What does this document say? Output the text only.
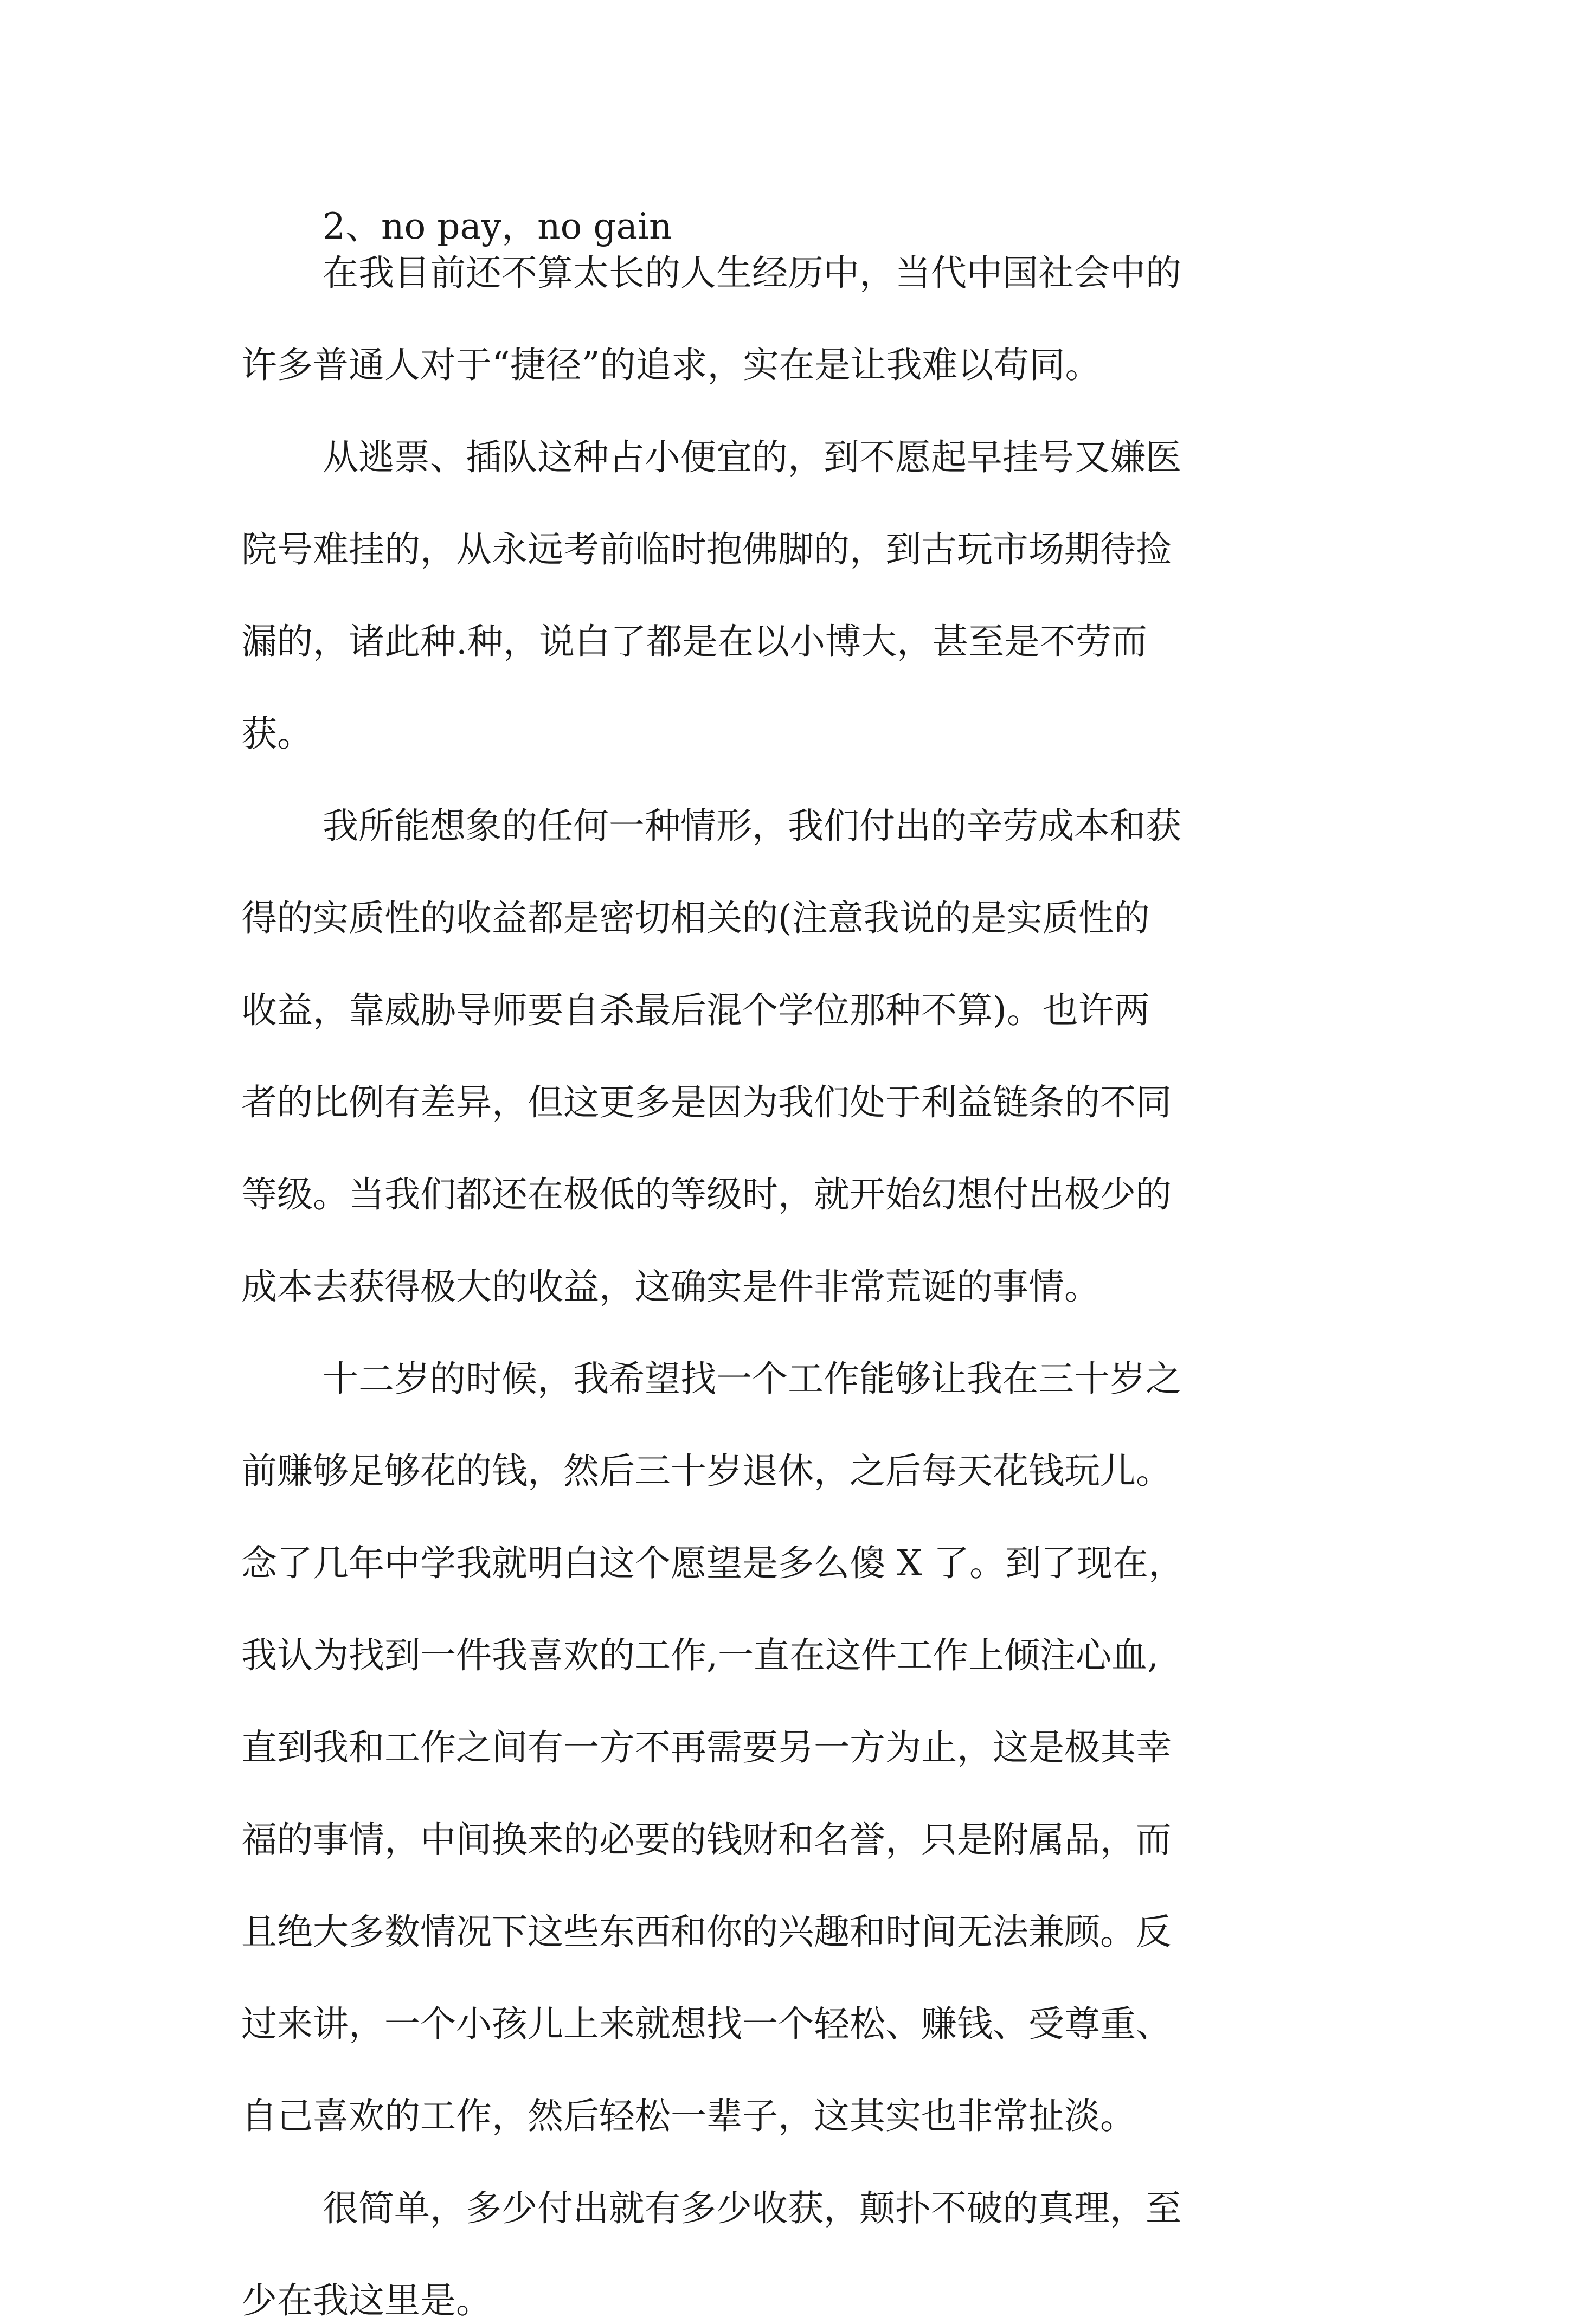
2、no pay，no gain

在我目前还不算太长的人生经历中，当代中国社会中的

许多普通人对于“捷径”的追求，实在是让我难以苟同。

从逃票、插队这种占小便宜的，到不愿起早挂号又嫌医

院号难挂的，从永远考前临时抱佛脚的，到古玩市场期待捡

漏的，诸此种.种，说白了都是在以小博大，甚至是不劳而

获。

我所能想象的任何一种情形，我们付出的辛劳成本和获

得的实质性的收益都是密切相关的(注意我说的是实质性的

收益，靠威胁导师要自杀最后混个学位那种不算)。也许两

者的比例有差异，但这更多是因为我们处于利益链条的不同

等级。当我们都还在极低的等级时，就开始幻想付出极少的

成本去获得极大的收益，这确实是件非常荒诞的事情。

十二岁的时候，我希望找一个工作能够让我在三十岁之

前赚够足够花的钱，然后三十岁退休，之后每天花钱玩儿。

念了几年中学我就明白这个愿望是多么傻 X 了。到了现在，

我认为找到一件我喜欢的工作,一直在这件工作上倾注心血,

直到我和工作之间有一方不再需要另一方为止，这是极其幸

福的事情，中间换来的必要的钱财和名誉，只是附属品，而

且绝大多数情况下这些东西和你的兴趣和时间无法兼顾。反

过来讲，一个小孩儿上来就想找一个轻松、赚钱、受尊重、

自己喜欢的工作，然后轻松一辈子，这其实也非常扯淡。

很简单，多少付出就有多少收获，颠扑不破的真理，至

少在我这里是。
